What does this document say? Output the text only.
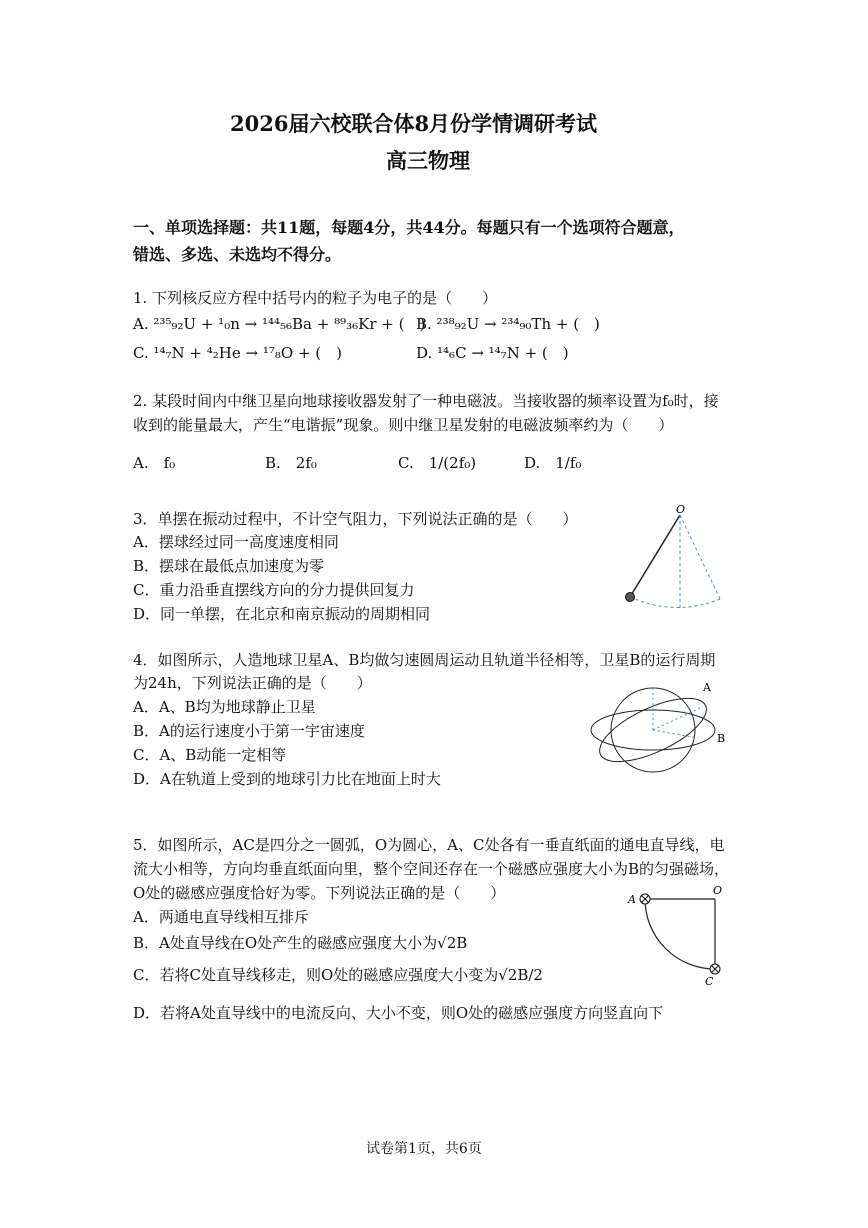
2026届六校联合体8月份学情调研考试
高三物理
一、单项选择题：共11题，每题4分，共44分。每题只有一个选项符合题意，
错选、多选、未选均不得分。
1. 下列核反应方程中括号内的粒子为电子的是（　　）
A. ²³⁵₉₂U + ¹₀n → ¹⁴⁴₅₆Ba + ⁸⁹₃₆Kr + (　)
B. ²³⁸₉₂U → ²³⁴₉₀Th + (　)
C. ¹⁴₇N + ⁴₂He → ¹⁷₈O + (　)	D. ¹⁴₆C → ¹⁴₇N + (　)
2. 某段时间内中继卫星向地球接收器发射了一种电磁波。当接收器的频率设置为f₀时，接
收到的能量最大，产生“电谐振”现象。则中继卫星发射的电磁波频率约为（　　）
A.　f₀	B.　2f₀	C.　1/(2f₀)	D.　1/f₀
3．单摆在振动过程中，不计空气阻力，下列说法正确的是（　　）
A．摆球经过同一高度速度相同
B．摆球在最低点加速度为零
C．重力沿垂直摆线方向的分力提供回复力
D．同一单摆，在北京和南京振动的周期相同
O
4．如图所示，人造地球卫星A、B均做匀速圆周运动且轨道半径相等，卫星B的运行周期
为24h，下列说法正确的是（　　）
A．A、B均为地球静止卫星
B．A的运行速度小于第一宇宙速度
C．A、B动能一定相等
D．A在轨道上受到的地球引力比在地面上时大
A
B
5．如图所示，AC是四分之一圆弧，O为圆心，A、C处各有一垂直纸面的通电直导线，电
流大小相等，方向均垂直纸面向里，整个空间还存在一个磁感应强度大小为B的匀强磁场，
O处的磁感应强度恰好为零。下列说法正确的是（　　）
A．两通电直导线相互排斥
B．A处直导线在O处产生的磁感应强度大小为√2B
C．若将C处直导线移走，则O处的磁感应强度大小变为√2B/2
D．若将A处直导线中的电流反向、大小不变，则O处的磁感应强度方向竖直向下
A
O
C
试卷第1页，共6页
